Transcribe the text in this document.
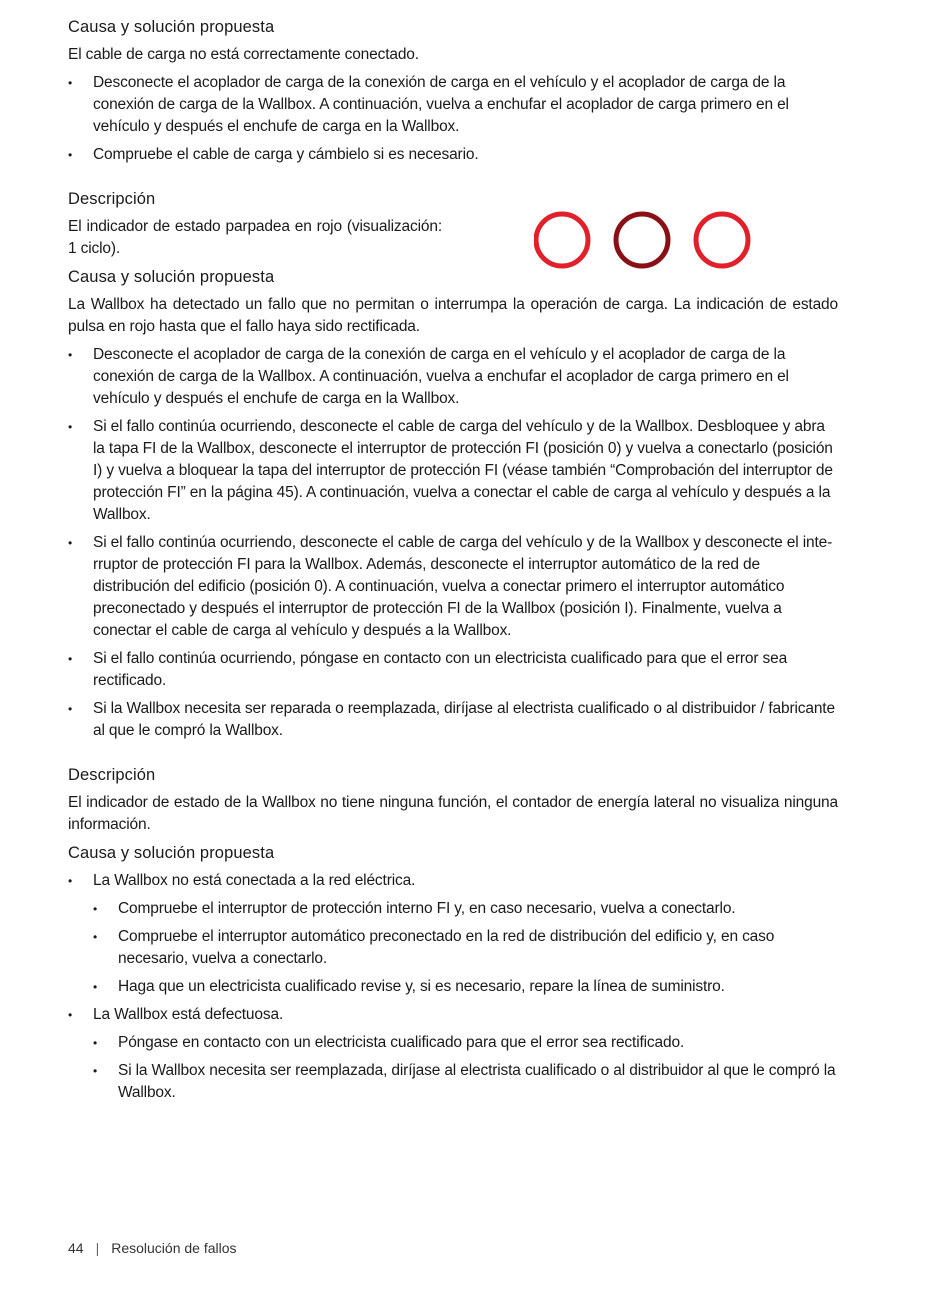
Causa y solución propuesta

El cable de carga no está correctamente conectado.

• Desconecte el acoplador de carga de la conexión de carga en el vehículo y el acoplador de carga de la conexión de carga de la Wallbox. A continuación, vuelva a enchufar el acoplador de carga primero en el vehículo y después el enchufe de carga en la Wallbox.
• Compruebe el cable de carga y cámbielo si es necesario.
Descripción

El indicador de estado parpadea en rojo (visualización: 1 ciclo).

Causa y solución propuesta

La Wallbox ha detectado un fallo que no permitan o interrumpa la operación de carga. La indicación de estado pulsa en rojo hasta que el fallo haya sido rectificada.

• Desconecte el acoplador de carga de la conexión de carga en el vehículo y el acoplador de carga de la conexión de carga de la Wallbox. A continuación, vuelva a enchufar el acoplador de carga primero en el vehículo y después el enchufe de carga en la Wallbox.
• Si el fallo continúa ocurriendo, desconecte el cable de carga del vehículo y de la Wallbox. Desbloquee y abra la tapa FI de la Wallbox, desconecte el interruptor de protección FI (posición 0) y vuelva a conectarlo (posición I) y vuelva a bloquear la tapa del interruptor de protección FI (véase también “Comprobación del interruptor de protección FI” en la página 45). A continuación, vuelva a conectar el cable de carga al vehículo y después a la Wallbox.
• Si el fallo continúa ocurriendo, desconecte el cable de carga del vehículo y de la Wallbox y desconecte el inte-rruptor de protección FI para la Wallbox. Además, desconecte el interruptor automático de la red de distribución del edificio (posición 0). A continuación, vuelva a conectar primero el interruptor automático preconectado y después el interruptor de protección FI de la Wallbox (posición I). Finalmente, vuelva a conectar el cable de carga al vehículo y después a la Wallbox.
• Si el fallo continúa ocurriendo, póngase en contacto con un electricista cualificado para que el error sea rectificado.
• Si la Wallbox necesita ser reparada o reemplazada, diríjase al electrista cualificado o al distribuidor / fabricante al que le compró la Wallbox.
Descripción

El indicador de estado de la Wallbox no tiene ninguna función, el contador de energía lateral no visualiza ninguna información.

Causa y solución propuesta
• La Wallbox no está conectada a la red eléctrica.
• Compruebe el interruptor de protección interno FI y, en caso necesario, vuelva a conectarlo.
• Compruebe el interruptor automático preconectado en la red de distribución del edificio y, en caso necesario, vuelva a conectarlo.
• Haga que un electricista cualificado revise y, si es necesario, repare la línea de suministro.
• La Wallbox está defectuosa.
• Póngase en contacto con un electricista cualificado para que el error sea rectificado.
• Si la Wallbox necesita ser reemplazada, diríjase al electrista cualificado o al distribuidor al que le compró la Wallbox.
44 | Resolución de fallos
